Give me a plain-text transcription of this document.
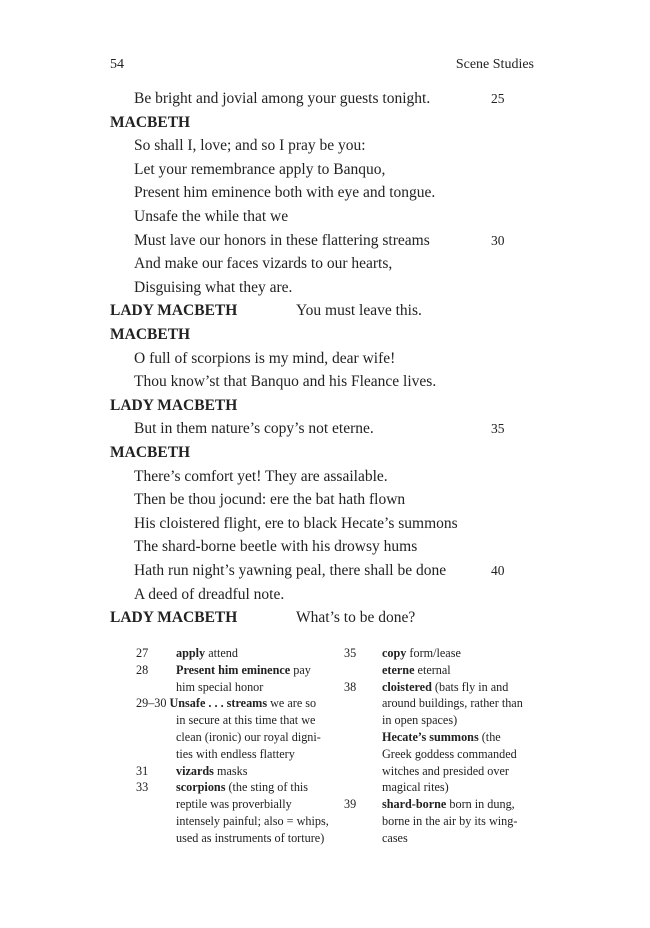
54	Scene Studies
Be bright and jovial among your guests tonight.	25
MACBETH
So shall I, love; and so I pray be you:
Let your remembrance apply to Banquo,
Present him eminence both with eye and tongue.
Unsafe the while that we
Must lave our honors in these flattering streams	30
And make our faces vizards to our hearts,
Disguising what they are.
LADY MACBETH	You must leave this.
MACBETH
O full of scorpions is my mind, dear wife!
Thou know’st that Banquo and his Fleance lives.
LADY MACBETH
But in them nature’s copy’s not eterne.	35
MACBETH
There’s comfort yet! They are assailable.
Then be thou jocund: ere the bat hath flown
His cloistered flight, ere to black Hecate’s summons
The shard-borne beetle with his drowsy hums
Hath run night’s yawning peal, there shall be done	40
A deed of dreadful note.
LADY MACBETH	What’s to be done?
27 apply attend
28 Present him eminence pay
him special honor
29–30 Unsafe . . . streams we are so
in secure at this time that we
clean (ironic) our royal digni-
ties with endless flattery
31 vizards masks
33 scorpions (the sting of this
reptile was proverbially
intensely painful; also = whips,
used as instruments of torture)
35 copy form/lease
eterne eternal
38 cloistered (bats fly in and
around buildings, rather than
in open spaces)
Hecate’s summons (the
Greek goddess commanded
witches and presided over
magical rites)
39 shard-borne born in dung,
borne in the air by its wing-
cases
